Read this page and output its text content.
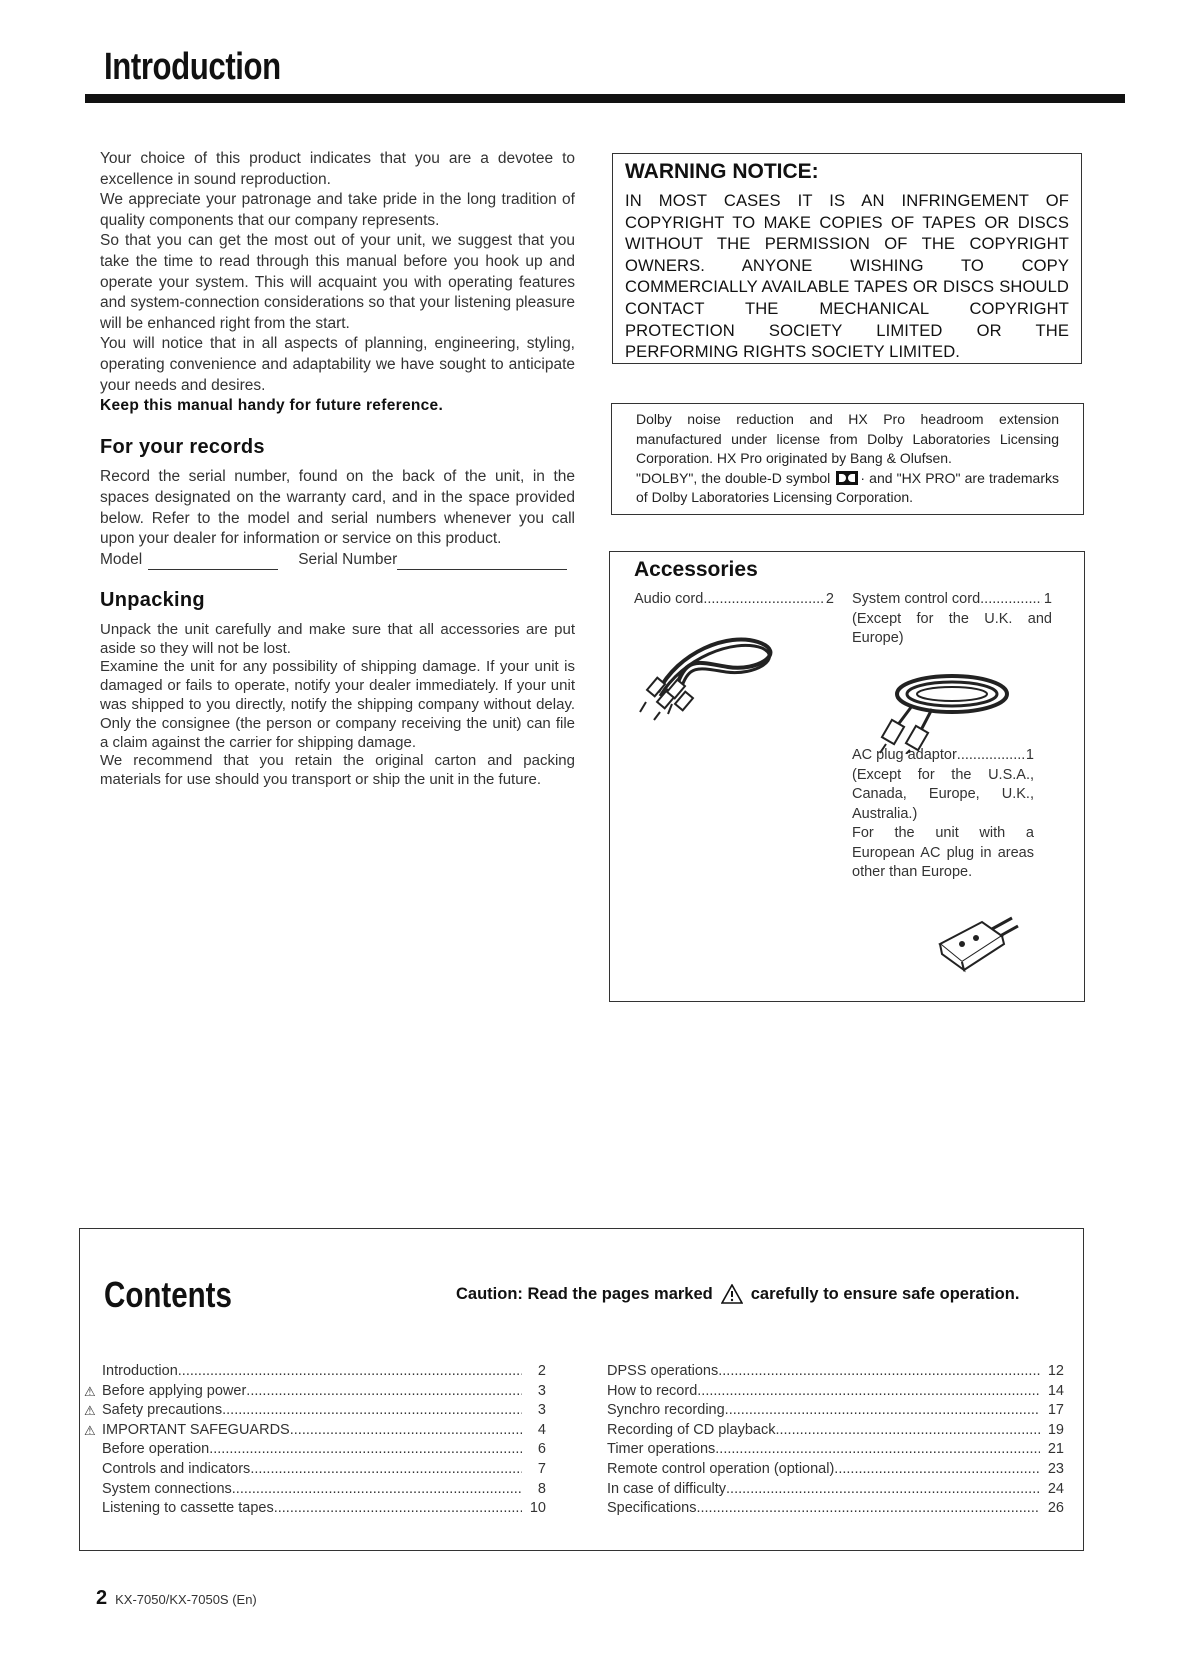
Introduction

Your choice of this product indicates that you are a devotee to excellence in sound reproduction.

We appreciate your patronage and take pride in the long tradition of quality components that our company represents.

So that you can get the most out of your unit, we suggest that you take the time to read through this manual before you hook up and operate your system. This will acquaint you with operating features and system-connection considerations so that your listening pleasure will be enhanced right from the start.

You will notice that in all aspects of planning, engineering, styling, operating convenience and adaptability we have sought to anticipate your needs and desires.

Keep this manual handy for future reference.

For your records

Record the serial number, found on the back of the unit, in the spaces designated on the warranty card, and in the space provided below. Refer to the model and serial numbers whenever you call upon your dealer for information or service on this product.

Model	Serial Number
Unpacking

Unpack the unit carefully and make sure that all accessories are put aside so they will not be lost.

Examine the unit for any possibility of shipping damage. If your unit is damaged or fails to operate, notify your dealer immediately. If your unit was shipped to you directly, notify the shipping company without delay. Only the consignee (the person or company receiving the unit) can file a claim against the carrier for shipping damage.

We recommend that you retain the original carton and packing materials for use should you transport or ship the unit in the future.

WARNING NOTICE:

IN MOST CASES IT IS AN INFRINGEMENT OF COPYRIGHT TO MAKE COPIES OF TAPES OR DISCS WITHOUT THE PERMISSION OF THE COPYRIGHT OWNERS. ANYONE WISHING TO COPY COMMERCIALLY AVAILABLE TAPES OR DISCS SHOULD CONTACT THE MECHANICAL COPYRIGHT PROTECTION SOCIETY LIMITED OR THE PERFORMING RIGHTS SOCIETY LIMITED.

Dolby noise reduction and HX Pro headroom extension manufactured under license from Dolby Laboratories Licensing Corporation. HX Pro originated by Bang & Olufsen.

"DOLBY", the double-D symbol · and "HX PRO" are trademarks of Dolby Laboratories Licensing Corporation.

Accessories
Audio cord .....	2 System control cord .....	1
(Except for the U.K. and Europe)
AC plug adaptor .....	1
(Except for the U.S.A., Canada, Europe, U.K., Australia.)
For the unit with a European AC plug in areas other than Europe.
Contents	Caution: Read the pages marked carefully to ensure safe operation.
Introduction .....	2
⚠ Before applying power .....	3
⚠ Safety precautions .....	3
⚠ IMPORTANT SAFEGUARDS .....	4
Before operation .....	6
Controls and indicators .....	7
System connections .....	8
Listening to cassette tapes .....	10
DPSS operations .....	12
How to record .....	14
Synchro recording .....	17
Recording of CD playback .....	19
Timer operations .....	21
Remote control operation (optional) .....	23
In case of difficulty .....	24
Specifications .....	26
2 KX-7050/KX-7050S (En)
